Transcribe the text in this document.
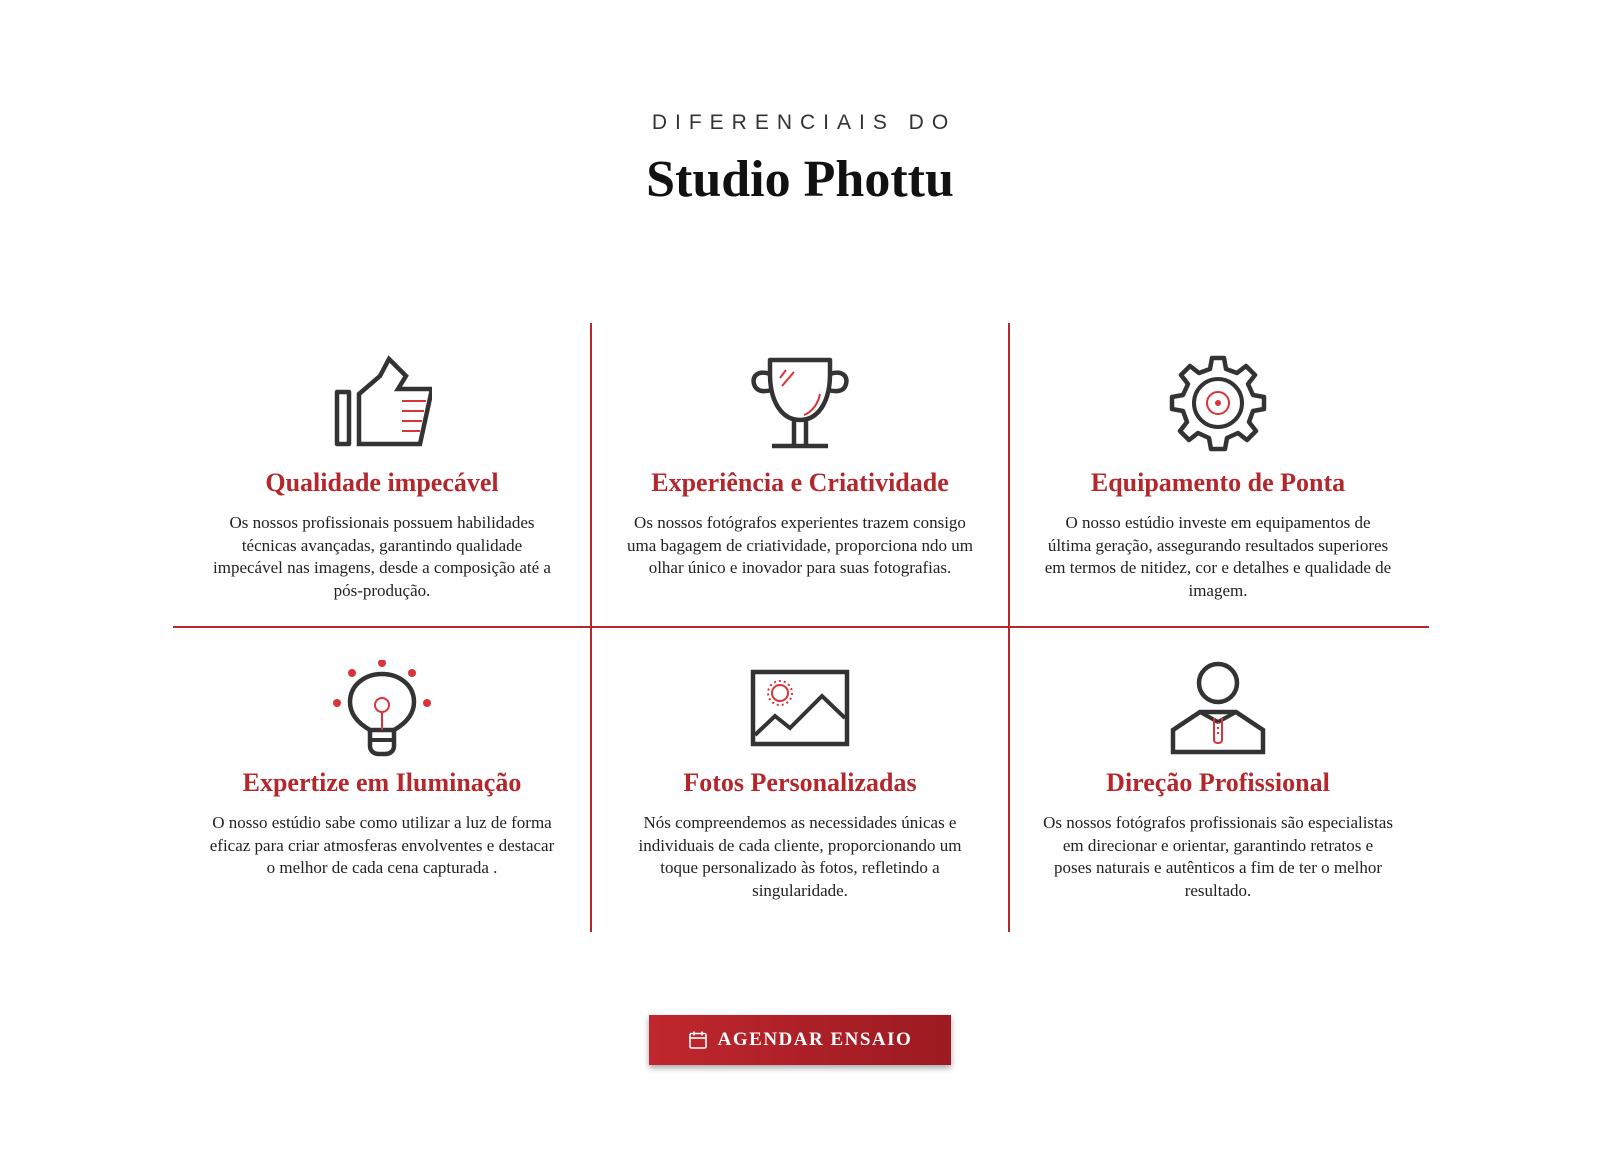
DIFERENCIAIS DO
Studio Phottu
Qualidade impecável

Os nossos profissionais possuem habilidades técnicas avançadas, garantindo qualidade impecável nas imagens, desde a composição até a pós-produção.

Experiência e Criatividade

Os nossos fotógrafos experientes trazem consigo uma bagagem de criatividade, proporciona ndo um olhar único e inovador para suas fotografias.

Equipamento de Ponta

O nosso estúdio investe em equipamentos de última geração, assegurando resultados superiores em termos de nitidez, cor e detalhes e qualidade de imagem.

Expertize em Iluminação

O nosso estúdio sabe como utilizar a luz de forma eficaz para criar atmosferas envolventes e destacar o melhor de cada cena capturada .

Fotos Personalizadas

Nós compreendemos as necessidades únicas e individuais de cada cliente, proporcionando um toque personalizado às fotos, refletindo a singularidade.

Direção Profissional

Os nossos fotógrafos profissionais são especialistas em direcionar e orientar, garantindo retratos e poses naturais e autênticos a fim de ter o melhor resultado.

AGENDAR ENSAIO
